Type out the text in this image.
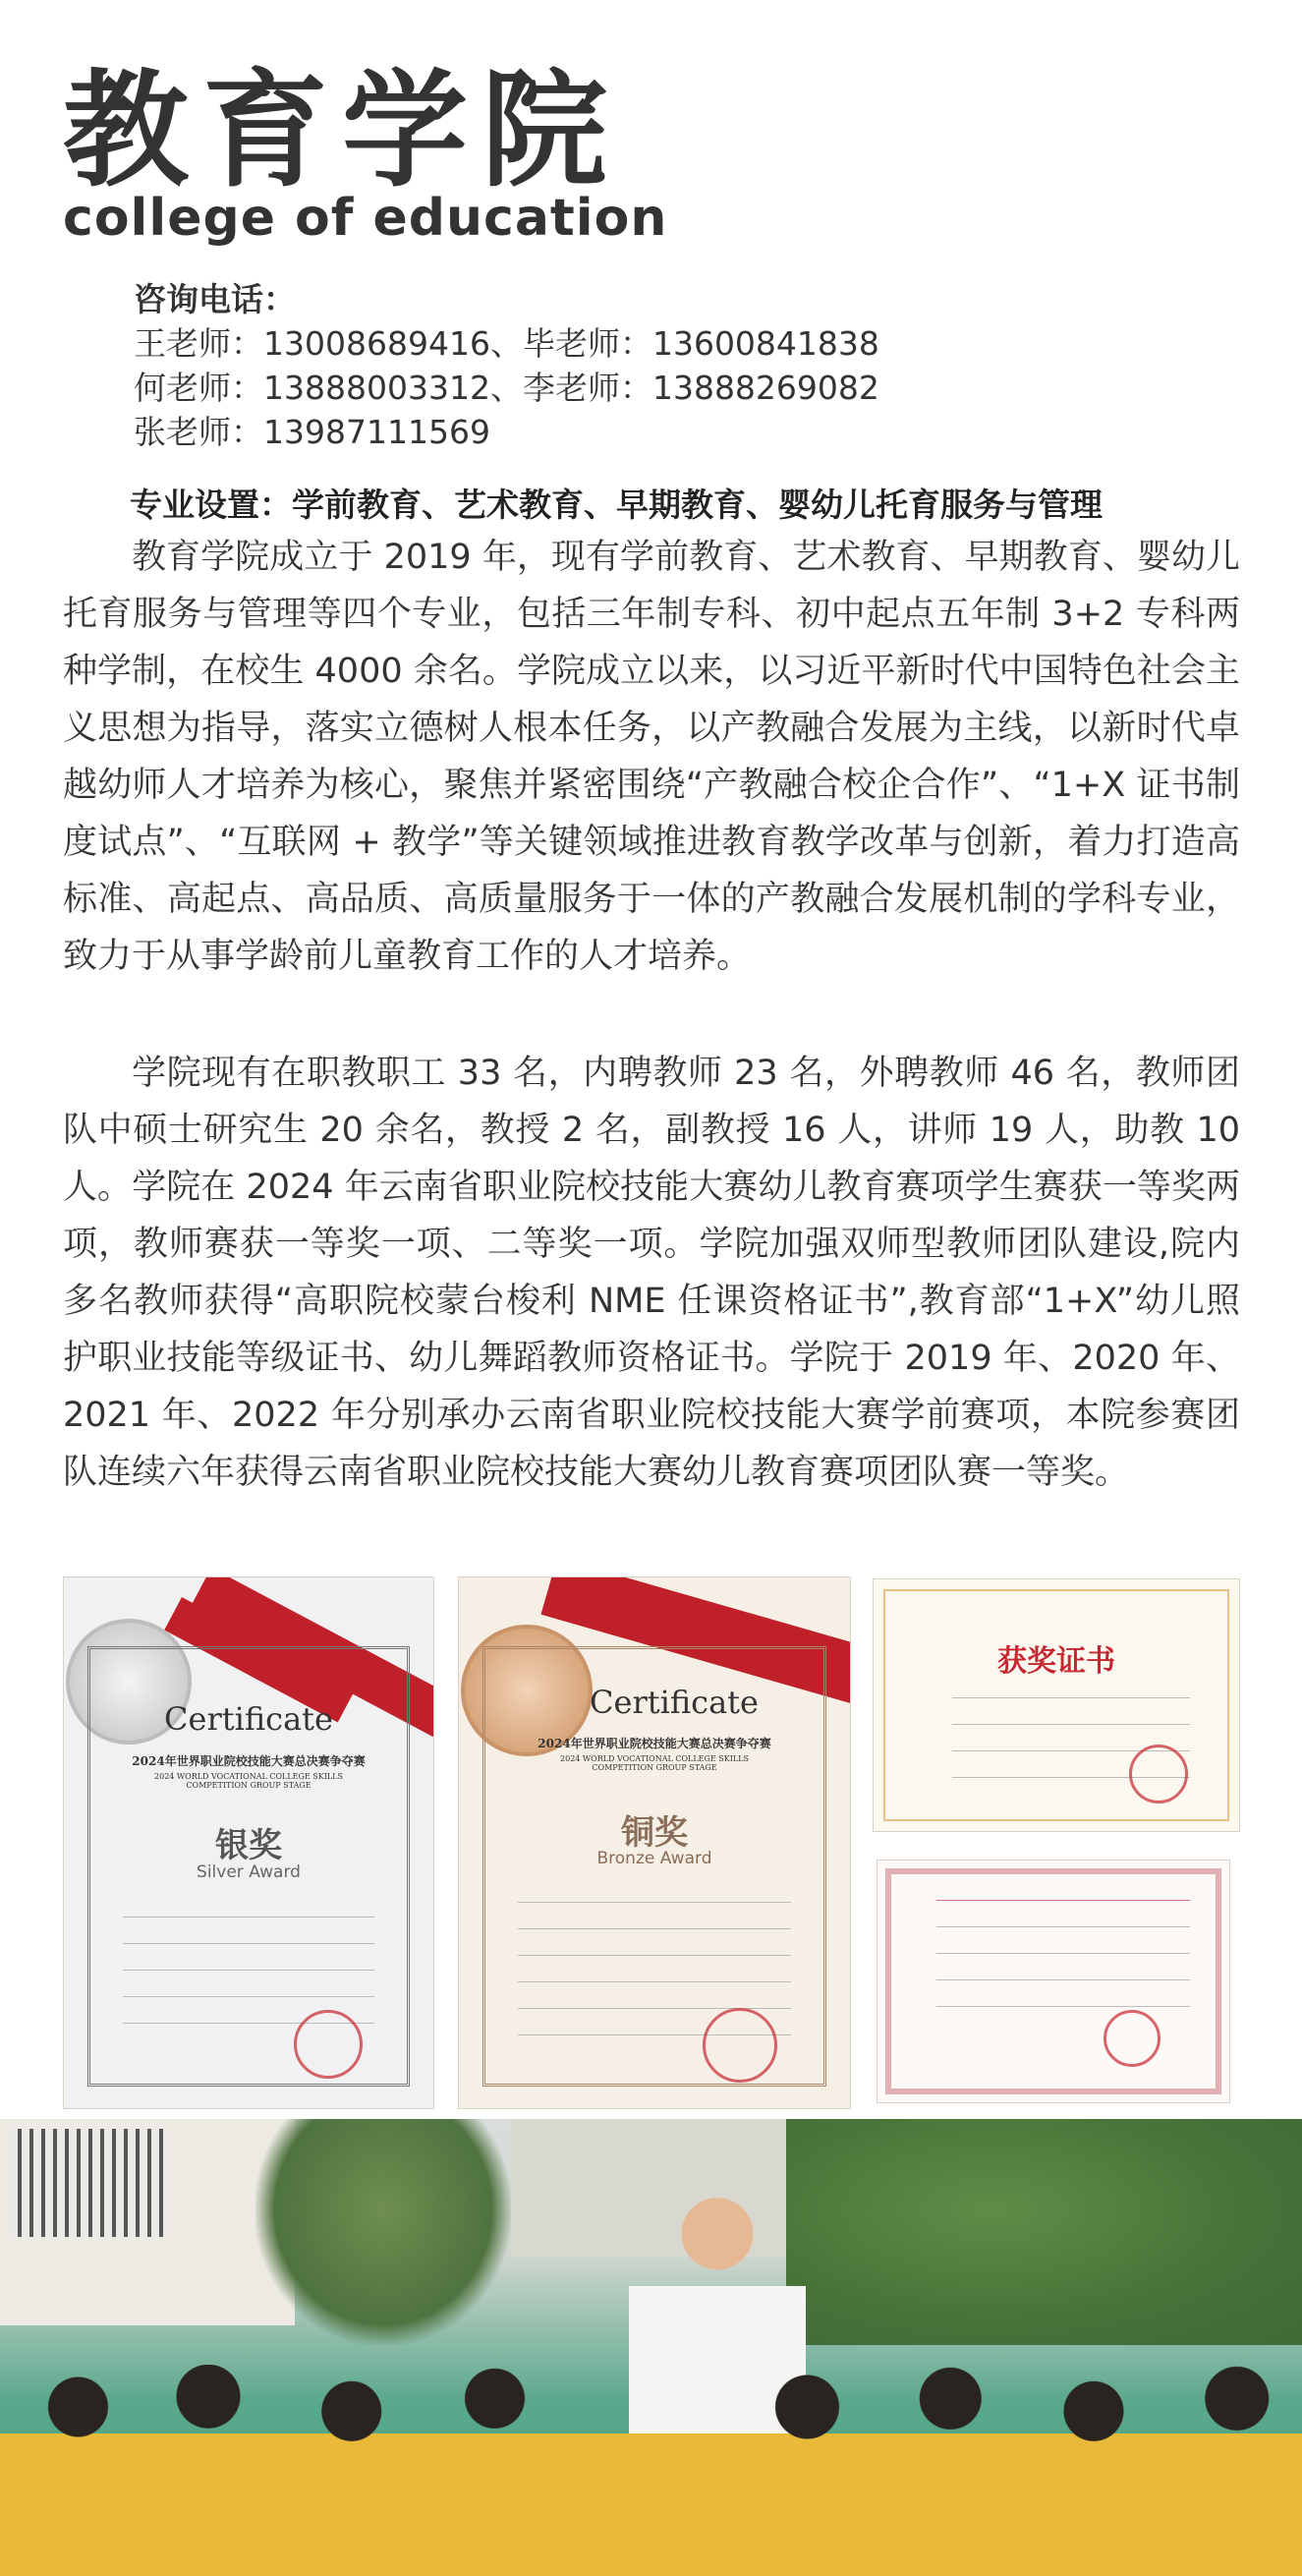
教育学院
college of education
咨询电话：
王老师：13008689416、毕老师：13600841838
何老师：13888003312、李老师：13888269082
张老师：13987111569
专业设置：学前教育、艺术教育、早期教育、婴幼儿托育服务与管理

教育学院成立于 2019 年，现有学前教育、艺术教育、早期教育、婴幼儿托育服务与管理等四个专业，包括三年制专科、初中起点五年制 3+2 专科两种学制，在校生 4000 余名。学院成立以来，以习近平新时代中国特色社会主义思想为指导，落实立德树人根本任务，以产教融合发展为主线，以新时代卓越幼师人才培养为核心，聚焦并紧密围绕“产教融合校企合作”、“1+X 证书制度试点”、“互联网 + 教学”等关键领域推进教育教学改革与创新，着力打造高标准、高起点、高品质、高质量服务于一体的产教融合发展机制的学科专业，致力于从事学龄前儿童教育工作的人才培养。

学院现有在职教职工 33 名，内聘教师 23 名，外聘教师 46 名，教师团队中硕士研究生 20 余名，教授 2 名，副教授 16 人，讲师 19 人，助教 10 人。学院在 2024 年云南省职业院校技能大赛幼儿教育赛项学生赛获一等奖两项，教师赛获一等奖一项、二等奖一项。学院加强双师型教师团队建设,院内多名教师获得“高职院校蒙台梭利 NME 任课资格证书”,教育部“1+X”幼儿照护职业技能等级证书、幼儿舞蹈教师资格证书。学院于 2019 年、2020 年、2021 年、2022 年分别承办云南省职业院校技能大赛学前赛项，本院参赛团队连续六年获得云南省职业院校技能大赛幼儿教育赛项团队赛一等奖。

Certificate
2024年世界职业院校技能大赛总决赛争夺赛
2024 WORLD VOCATIONAL COLLEGE SKILLS COMPETITION GROUP STAGE
银奖
Silver Award
Certificate
2024年世界职业院校技能大赛总决赛争夺赛
2024 WORLD VOCATIONAL COLLEGE SKILLS COMPETITION GROUP STAGE
铜奖
Bronze Award
获奖证书
